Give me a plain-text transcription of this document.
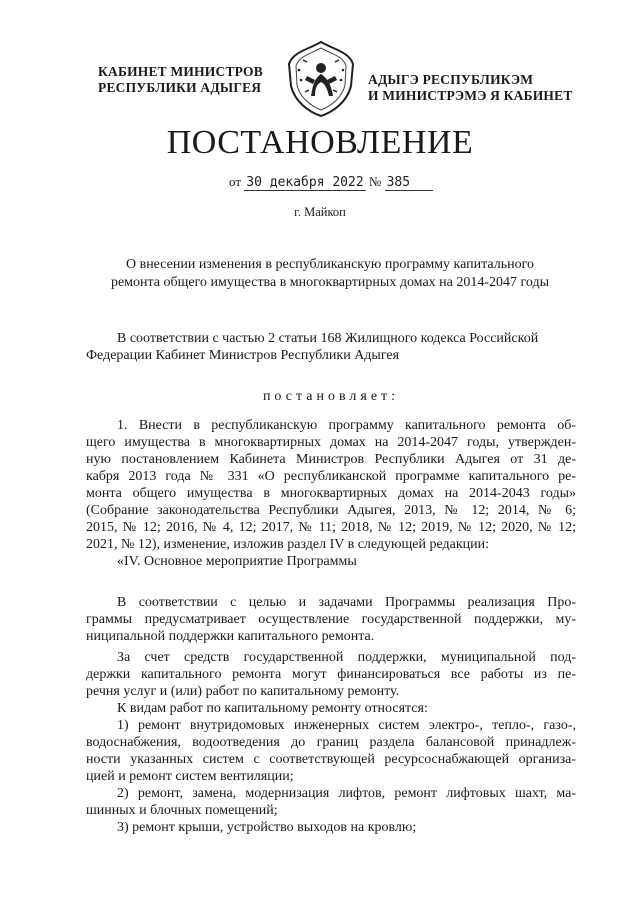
КАБИНЕТ МИНИСТРОВ
РЕСПУБЛИКИ АДЫГЕЯ
АДЫГЭ РЕСПУБЛИКЭМ
И МИНИСТРЭМЭ Я КАБИНЕТ
ПОСТАНОВЛЕНИЕ
от 30 декабря 2022 № 385
г. Майкоп
О внесении изменения в республиканскую программу капитального
ремонта общего имущества в многоквартирных домах на 2014-2047 годы
В соответствии с частью 2 статьи 168 Жилищного кодекса Российской
Федерации Кабинет Министров Республики Адыгея
постановляет:
1. Внести в республиканскую программу капитального ремонта об-
щего имущества в многоквартирных домах на 2014-2047 годы, утвержден-
ную постановлением Кабинета Министров Республики Адыгея от 31 де-
кабря 2013 года № 331 «О республиканской программе капитального ре-
монта общего имущества в многоквартирных домах на 2014-2043 годы»
(Собрание законодательства Республики Адыгея, 2013, № 12; 2014, № 6;
2015, № 12; 2016, № 4, 12; 2017, № 11; 2018, № 12; 2019, № 12; 2020, № 12;
2021, № 12), изменение, изложив раздел IV в следующей редакции:
«IV. Основное мероприятие Программы
В соответствии с целью и задачами Программы реализация Про-
граммы предусматривает осуществление государственной поддержки, му-
ниципальной поддержки капитального ремонта.
За счет средств государственной поддержки, муниципальной под-
держки капитального ремонта могут финансироваться все работы из пе-
речня услуг и (или) работ по капитальному ремонту.
К видам работ по капитальному ремонту относятся:
1) ремонт внутридомовых инженерных систем электро-, тепло-, газо-,
водоснабжения, водоотведения до границ раздела балансовой принадлеж-
ности указанных систем с соответствующей ресурсоснабжающей организа-
цией и ремонт систем вентиляции;
2) ремонт, замена, модернизация лифтов, ремонт лифтовых шахт, ма-
шинных и блочных помещений;
3) ремонт крыши, устройство выходов на кровлю;
